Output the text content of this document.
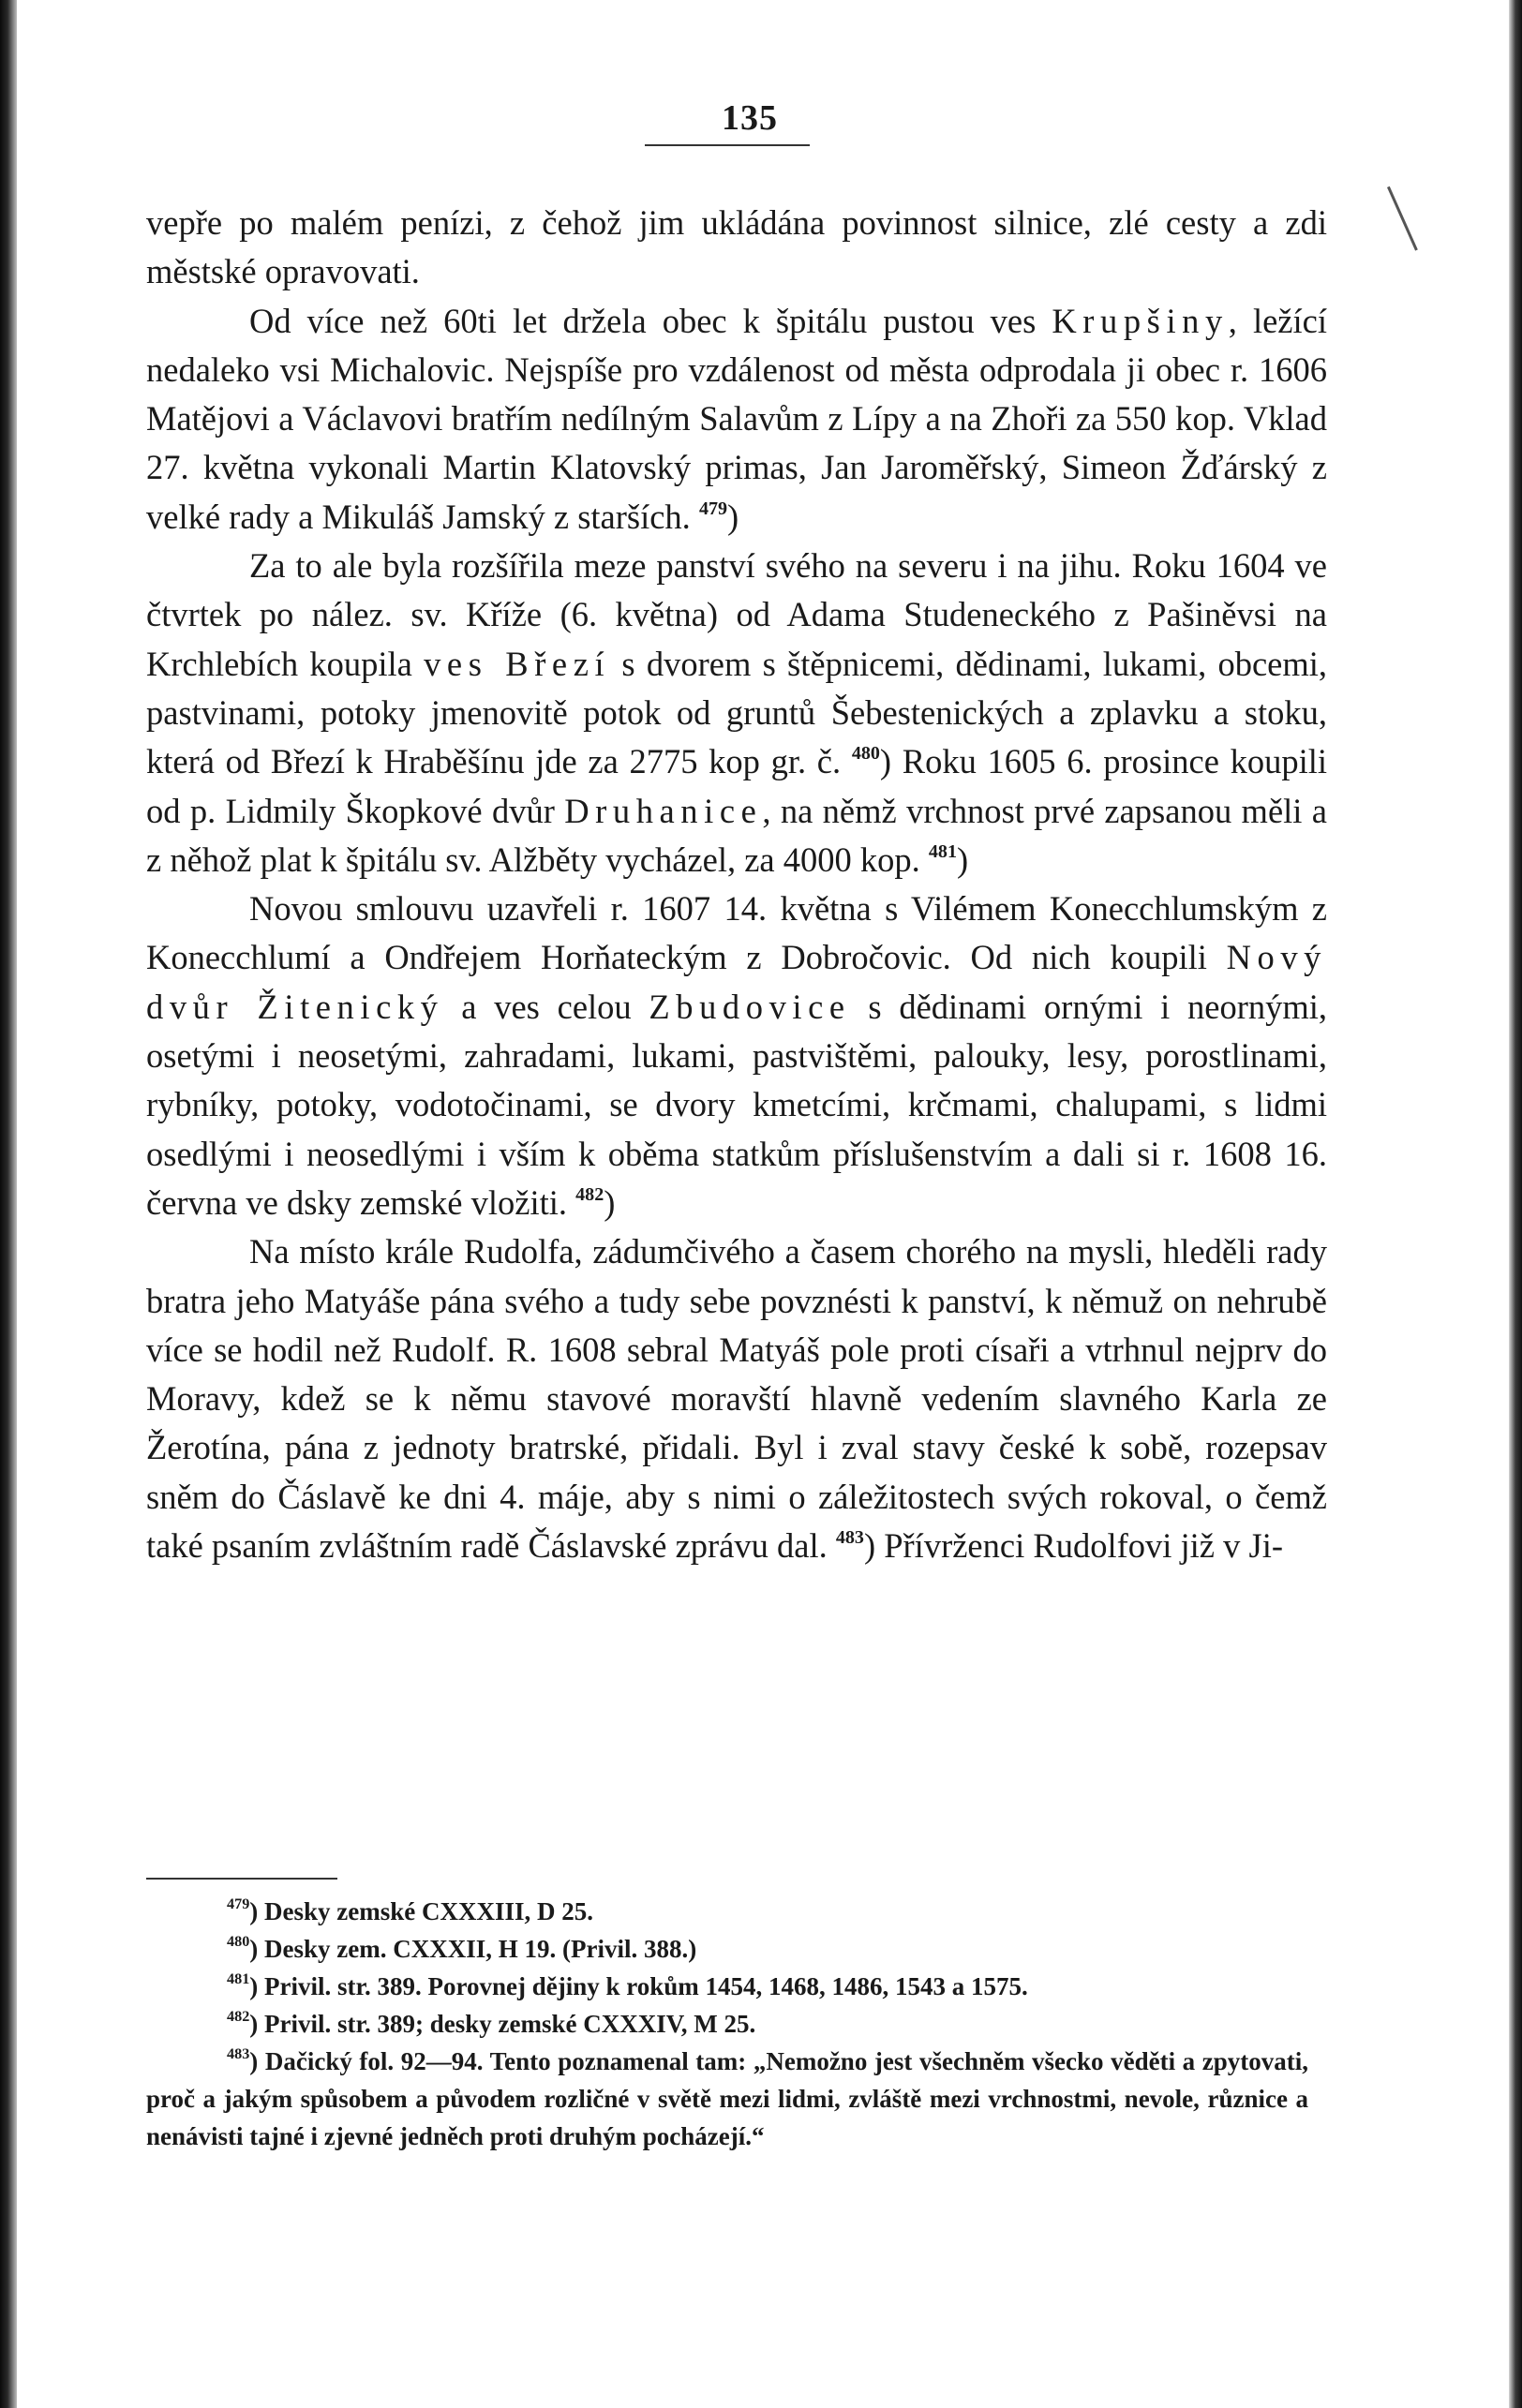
135

vepře po malém penízi, z čehož jim ukládána povinnost silnice, zlé cesty a zdi městské opravovati.

Od více než 60ti let držela obec k špitálu pustou ves Krupšiny, ležící nedaleko vsi Michalovic. Nejspíše pro vzdálenost od města odprodala ji obec r. 1606 Matějovi a Václavovi bratřím nedílným Salavům z Lípy a na Zhoři za 550 kop. Vklad 27. května vykonali Martin Klatovský primas, Jan Jaroměřský, Simeon Žďárský z velké rady a Mikuláš Jamský z starších. $^{479}$)

Za to ale byla rozšířila meze panství svého na severu i na jihu. Roku 1604 ve čtvrtek po nález. sv. Kříže (6. května) od Adama Studeneckého z Pašiněvsi na Krchlebích koupila ves Březí s dvorem s štěpnicemi, dědinami, lukami, obcemi, pastvinami, potoky jmenovitě potok od gruntů Šebestenických a zplavku a stoku, která od Březí k Hraběšínu jde za 2775 kop gr. č. $^{480}$) Roku 1605 6. prosince koupili od p. Lidmily Škopkové dvůr Druhanice, na němž vrchnost prvé zapsanou měli a z něhož plat k špitálu sv. Alžběty vycházel, za 4000 kop. $^{481}$)

Novou smlouvu uzavřeli r. 1607 14. května s Vilémem Konecchlumským z Konecchlumí a Ondřejem Horňateckým z Dobročovic. Od nich koupili Nový dvůr Žitenický a ves celou Zbudovice s dědinami ornými i neornými, osetými i neosetými, zahradami, lukami, pastvištěmi, palouky, lesy, porostlinami, rybníky, potoky, vodotočinami, se dvory kmetcími, krčmami, chalupami, s lidmi osedlými i neosedlými i vším k oběma statkům příslušenstvím a dali si r. 1608 16. června ve dsky zemské vložiti. $^{482}$)

Na místo krále Rudolfa, zádumčivého a časem chorého na mysli, hleděli rady bratra jeho Matyáše pána svého a tudy sebe povznésti k panství, k němuž on nehrubě více se hodil než Rudolf. R. 1608 sebral Matyáš pole proti císaři a vtrhnul nejprv do Moravy, kdež se k němu stavové moravští hlavně vedením slavného Karla ze Žerotína, pána z jednoty bratrské, přidali. Byl i zval stavy české k sobě, rozepsav sněm do Čáslavě ke dni 4. máje, aby s nimi o záležitostech svých rokoval, o čemž také psaním zvláštním radě Čáslavské zprávu dal. $^{483}$) Přívrženci Rudolfovi již v Ji-

$^{479}$) Desky zemské CXXXIII, D 25.
$^{480}$) Desky zem. CXXXII, H 19. (Privil. 388.)
$^{481}$) Privil. str. 389. Porovnej dějiny k rokům 1454, 1468, 1486, 1543 a 1575.
$^{482}$) Privil. str. 389; desky zemské CXXXIV, M 25.
$^{483}$) Dačický fol. 92—94. Tento poznamenal tam: „Nemožno jest všechněm všecko věděti a zpytovati, proč a jakým spůsobem a původem rozličné v světě mezi lidmi, zvláště mezi vrchnostmi, nevole, různice a nenávisti tajné i zjevné jedněch proti druhým pocházejí.“
